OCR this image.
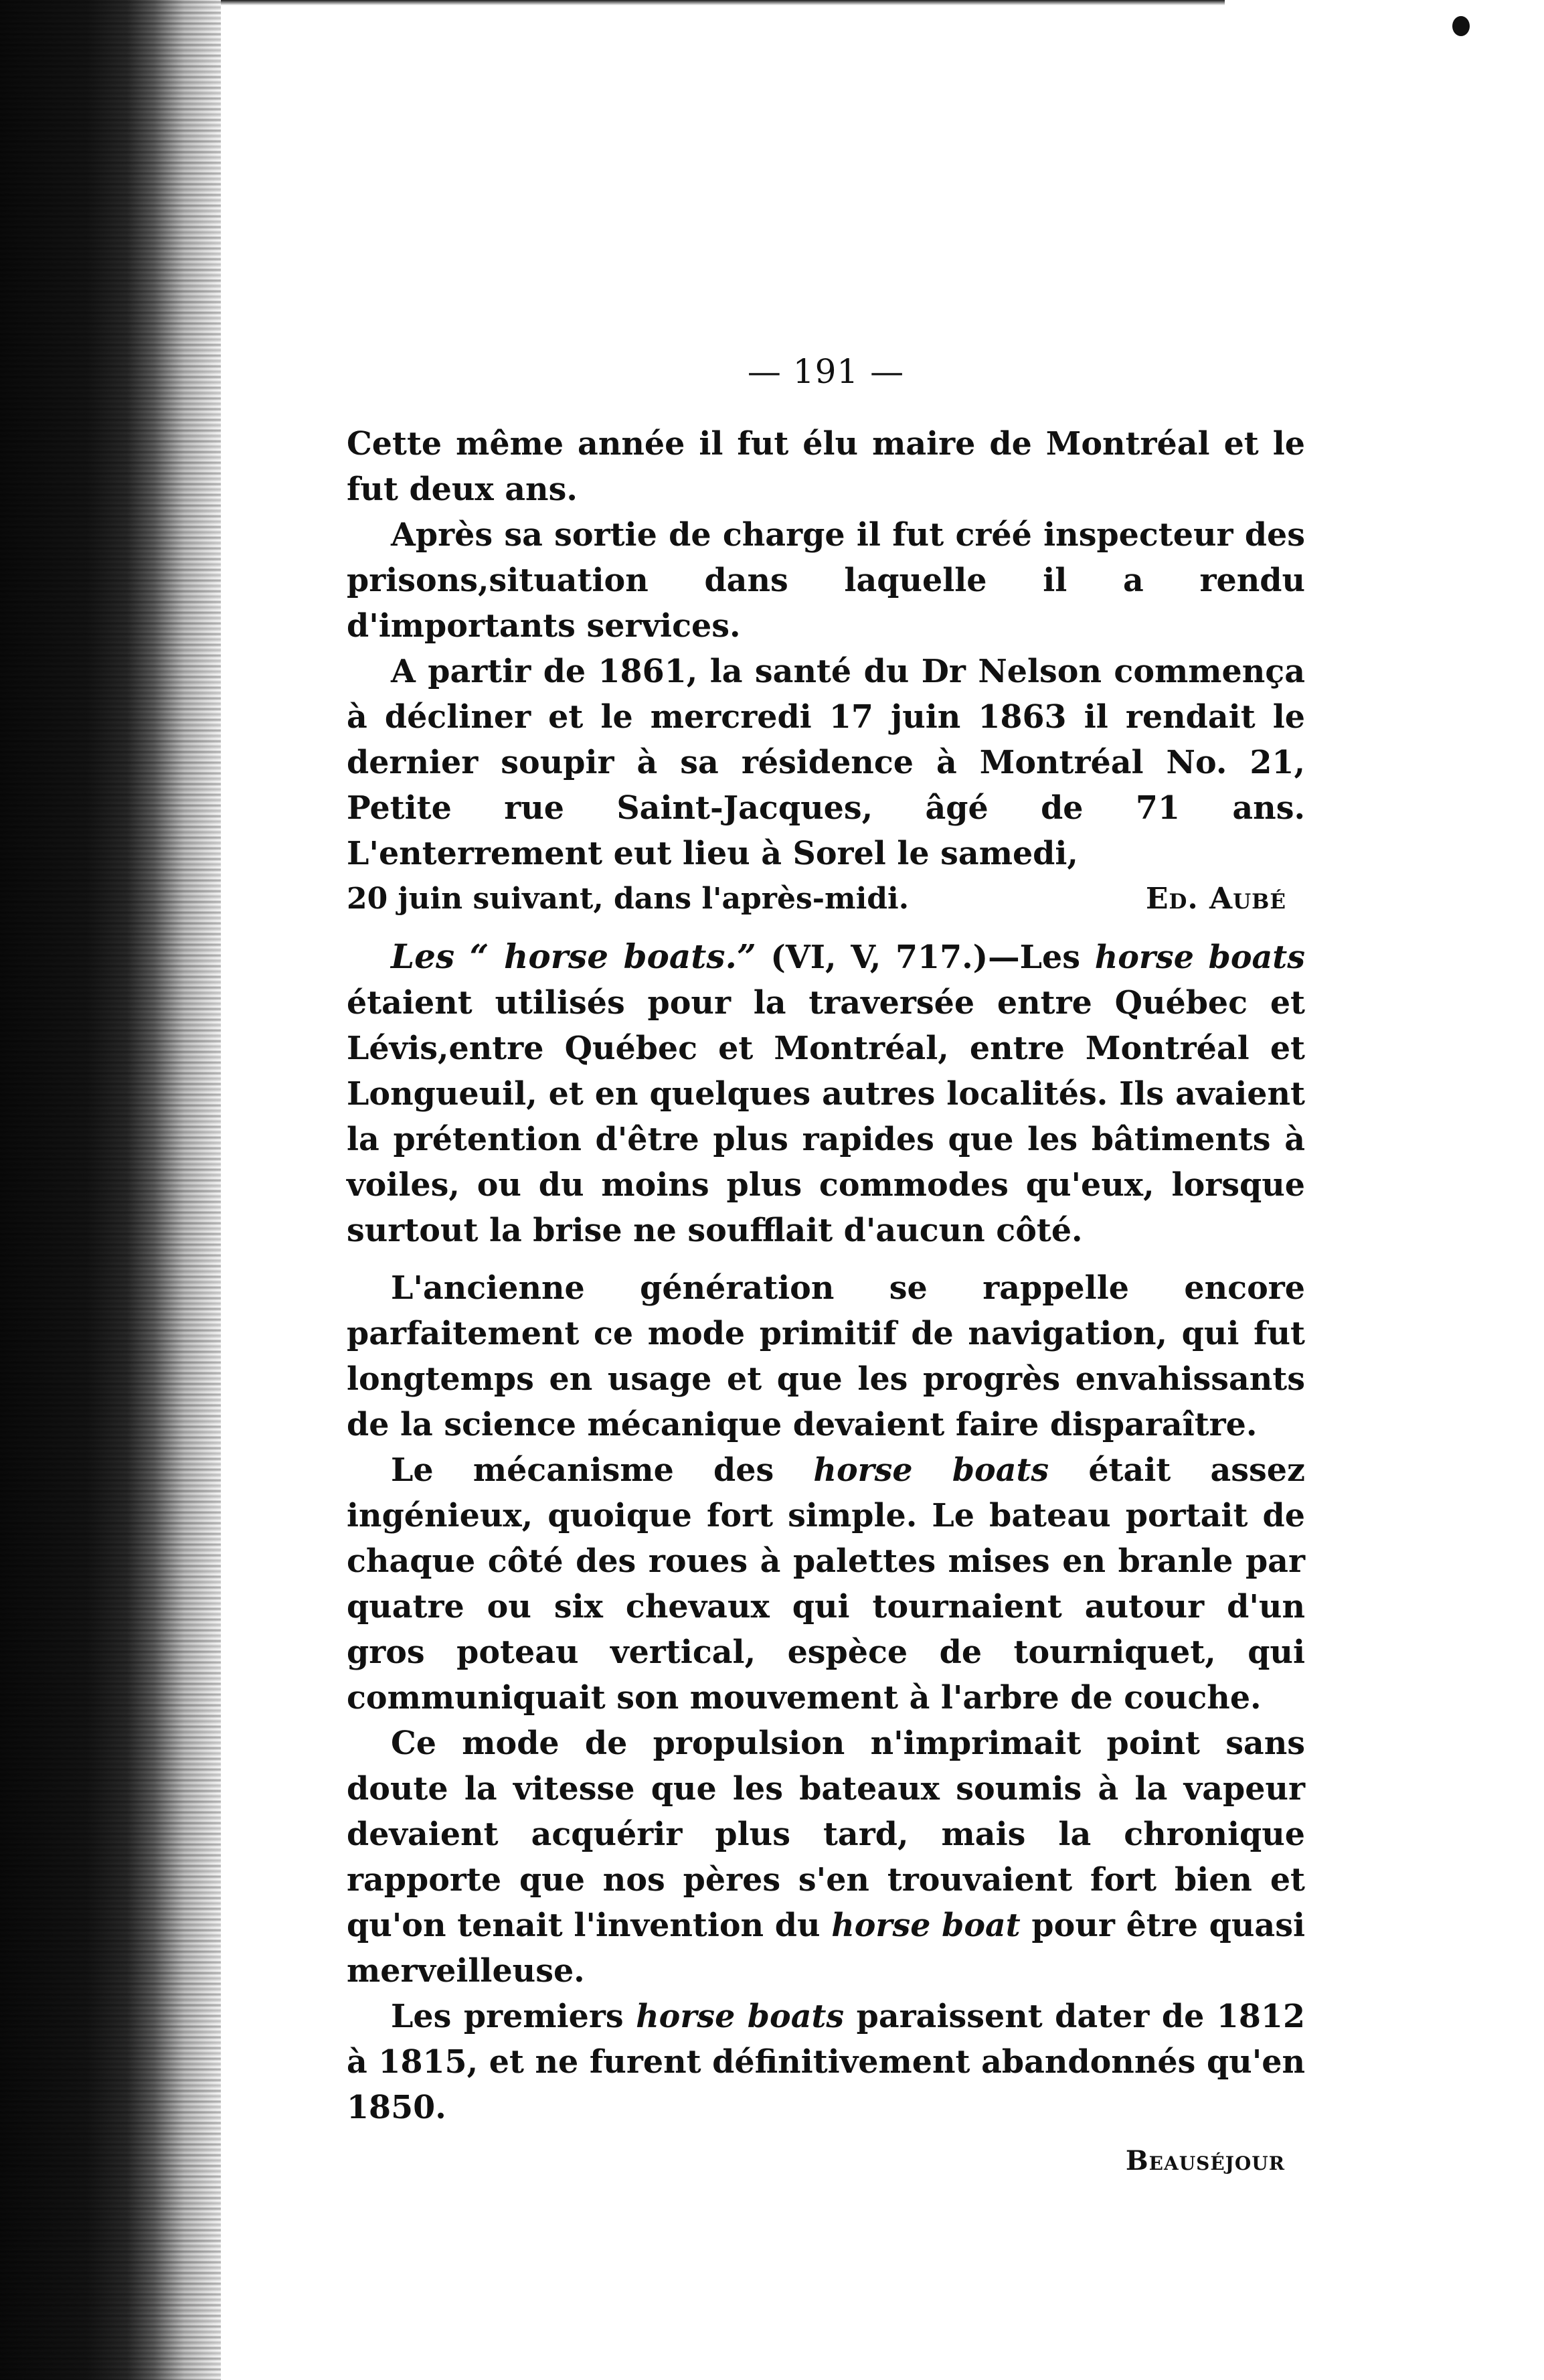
— 191 —

Cette même année il fut élu maire de Montréal et le fut deux ans.

Après sa sortie de charge il fut créé inspecteur des prisons,situation dans laquelle il a rendu d'importants services.

A partir de 1861, la santé du Dr Nelson commença à décliner et le mercredi 17 juin 1863 il rendait le dernier soupir à sa résidence à Montréal No. 21, Petite rue Saint-Jacques, âgé de 71 ans. L'enterrement eut lieu à Sorel le samedi,

20 juin suivant, dans l'après-midi.	Ed. Aubé

Les “ horse boats.” (VI, V, 717.)—Les horse boats étaient utilisés pour la traversée entre Québec et Lévis,entre Québec et Montréal, entre Montréal et Longueuil, et en quelques autres localités. Ils avaient la prétention d'être plus rapides que les bâtiments à voiles, ou du moins plus commodes qu'eux, lorsque surtout la brise ne soufflait d'aucun côté.

L'ancienne génération se rappelle encore parfaitement ce mode primitif de navigation, qui fut longtemps en usage et que les progrès envahissants de la science mécanique devaient faire disparaître.

Le mécanisme des horse boats était assez ingénieux, quoique fort simple. Le bateau portait de chaque côté des roues à palettes mises en branle par quatre ou six chevaux qui tournaient autour d'un gros poteau vertical, espèce de tourniquet, qui communiquait son mouvement à l'arbre de couche.

Ce mode de propulsion n'imprimait point sans doute la vitesse que les bateaux soumis à la vapeur devaient acquérir plus tard, mais la chronique rapporte que nos pères s'en trouvaient fort bien et qu'on tenait l'invention du horse boat pour être quasi merveilleuse.

Les premiers horse boats paraissent dater de 1812 à 1815, et ne furent définitivement abandonnés qu'en 1850.

Beauséjour
